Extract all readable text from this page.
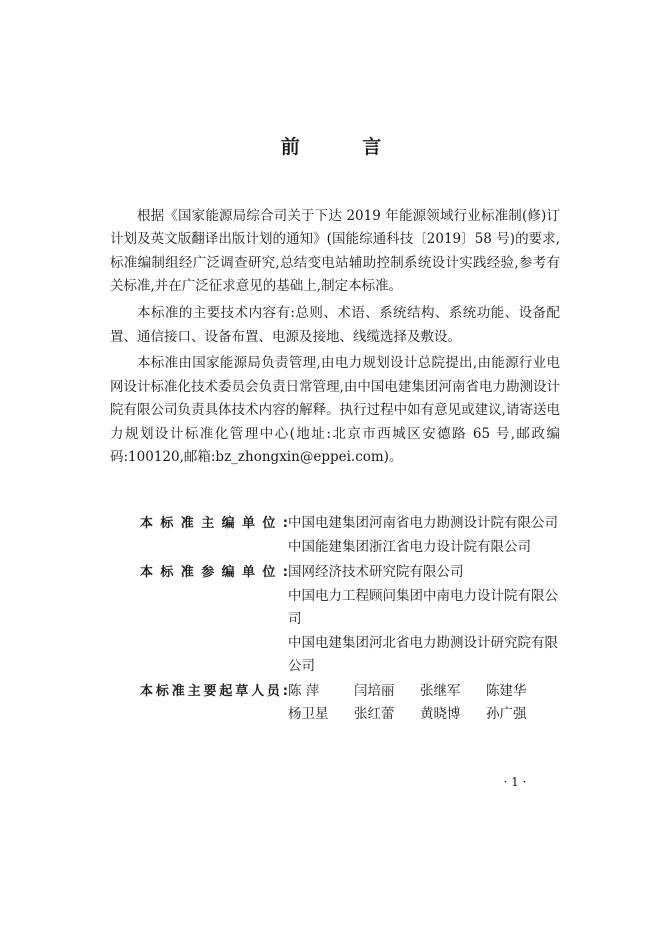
前 言

根据《国家能源局综合司关于下达 2019 年能源领域行业标准制(修)订计划及英文版翻译出版计划的通知》(国能综通科技〔2019〕58 号)的要求,标准编制组经广泛调查研究,总结变电站辅助控制系统设计实践经验,参考有关标准,并在广泛征求意见的基础上,制定本标准。

本标准的主要技术内容有:总则、术语、系统结构、系统功能、设备配置、通信接口、设备布置、电源及接地、线缆选择及敷设。

本标准由国家能源局负责管理,由电力规划设计总院提出,由能源行业电网设计标准化技术委员会负责日常管理,由中国电建集团河南省电力勘测设计院有限公司负责具体技术内容的解释。执行过程中如有意见或建议,请寄送电力规划设计标准化管理中心(地址:北京市西城区安德路 65 号,邮政编码:100120,邮箱:bz_zhongxin@eppei.com)。

本标准主编单位: 中国电建集团河南省电力勘测设计院有限公司
中国能建集团浙江省电力设计院有限公司
本标准参编单位: 国网经济技术研究院有限公司
中国电力工程顾问集团中南电力设计院有限公司
中国电建集团河北省电力勘测设计研究院有限公司
本标准主要起草人员: 陈 萍	闫培丽	张继军	陈建华
杨卫星	张红蕾	黄晓博	孙广强
· 1 ·
